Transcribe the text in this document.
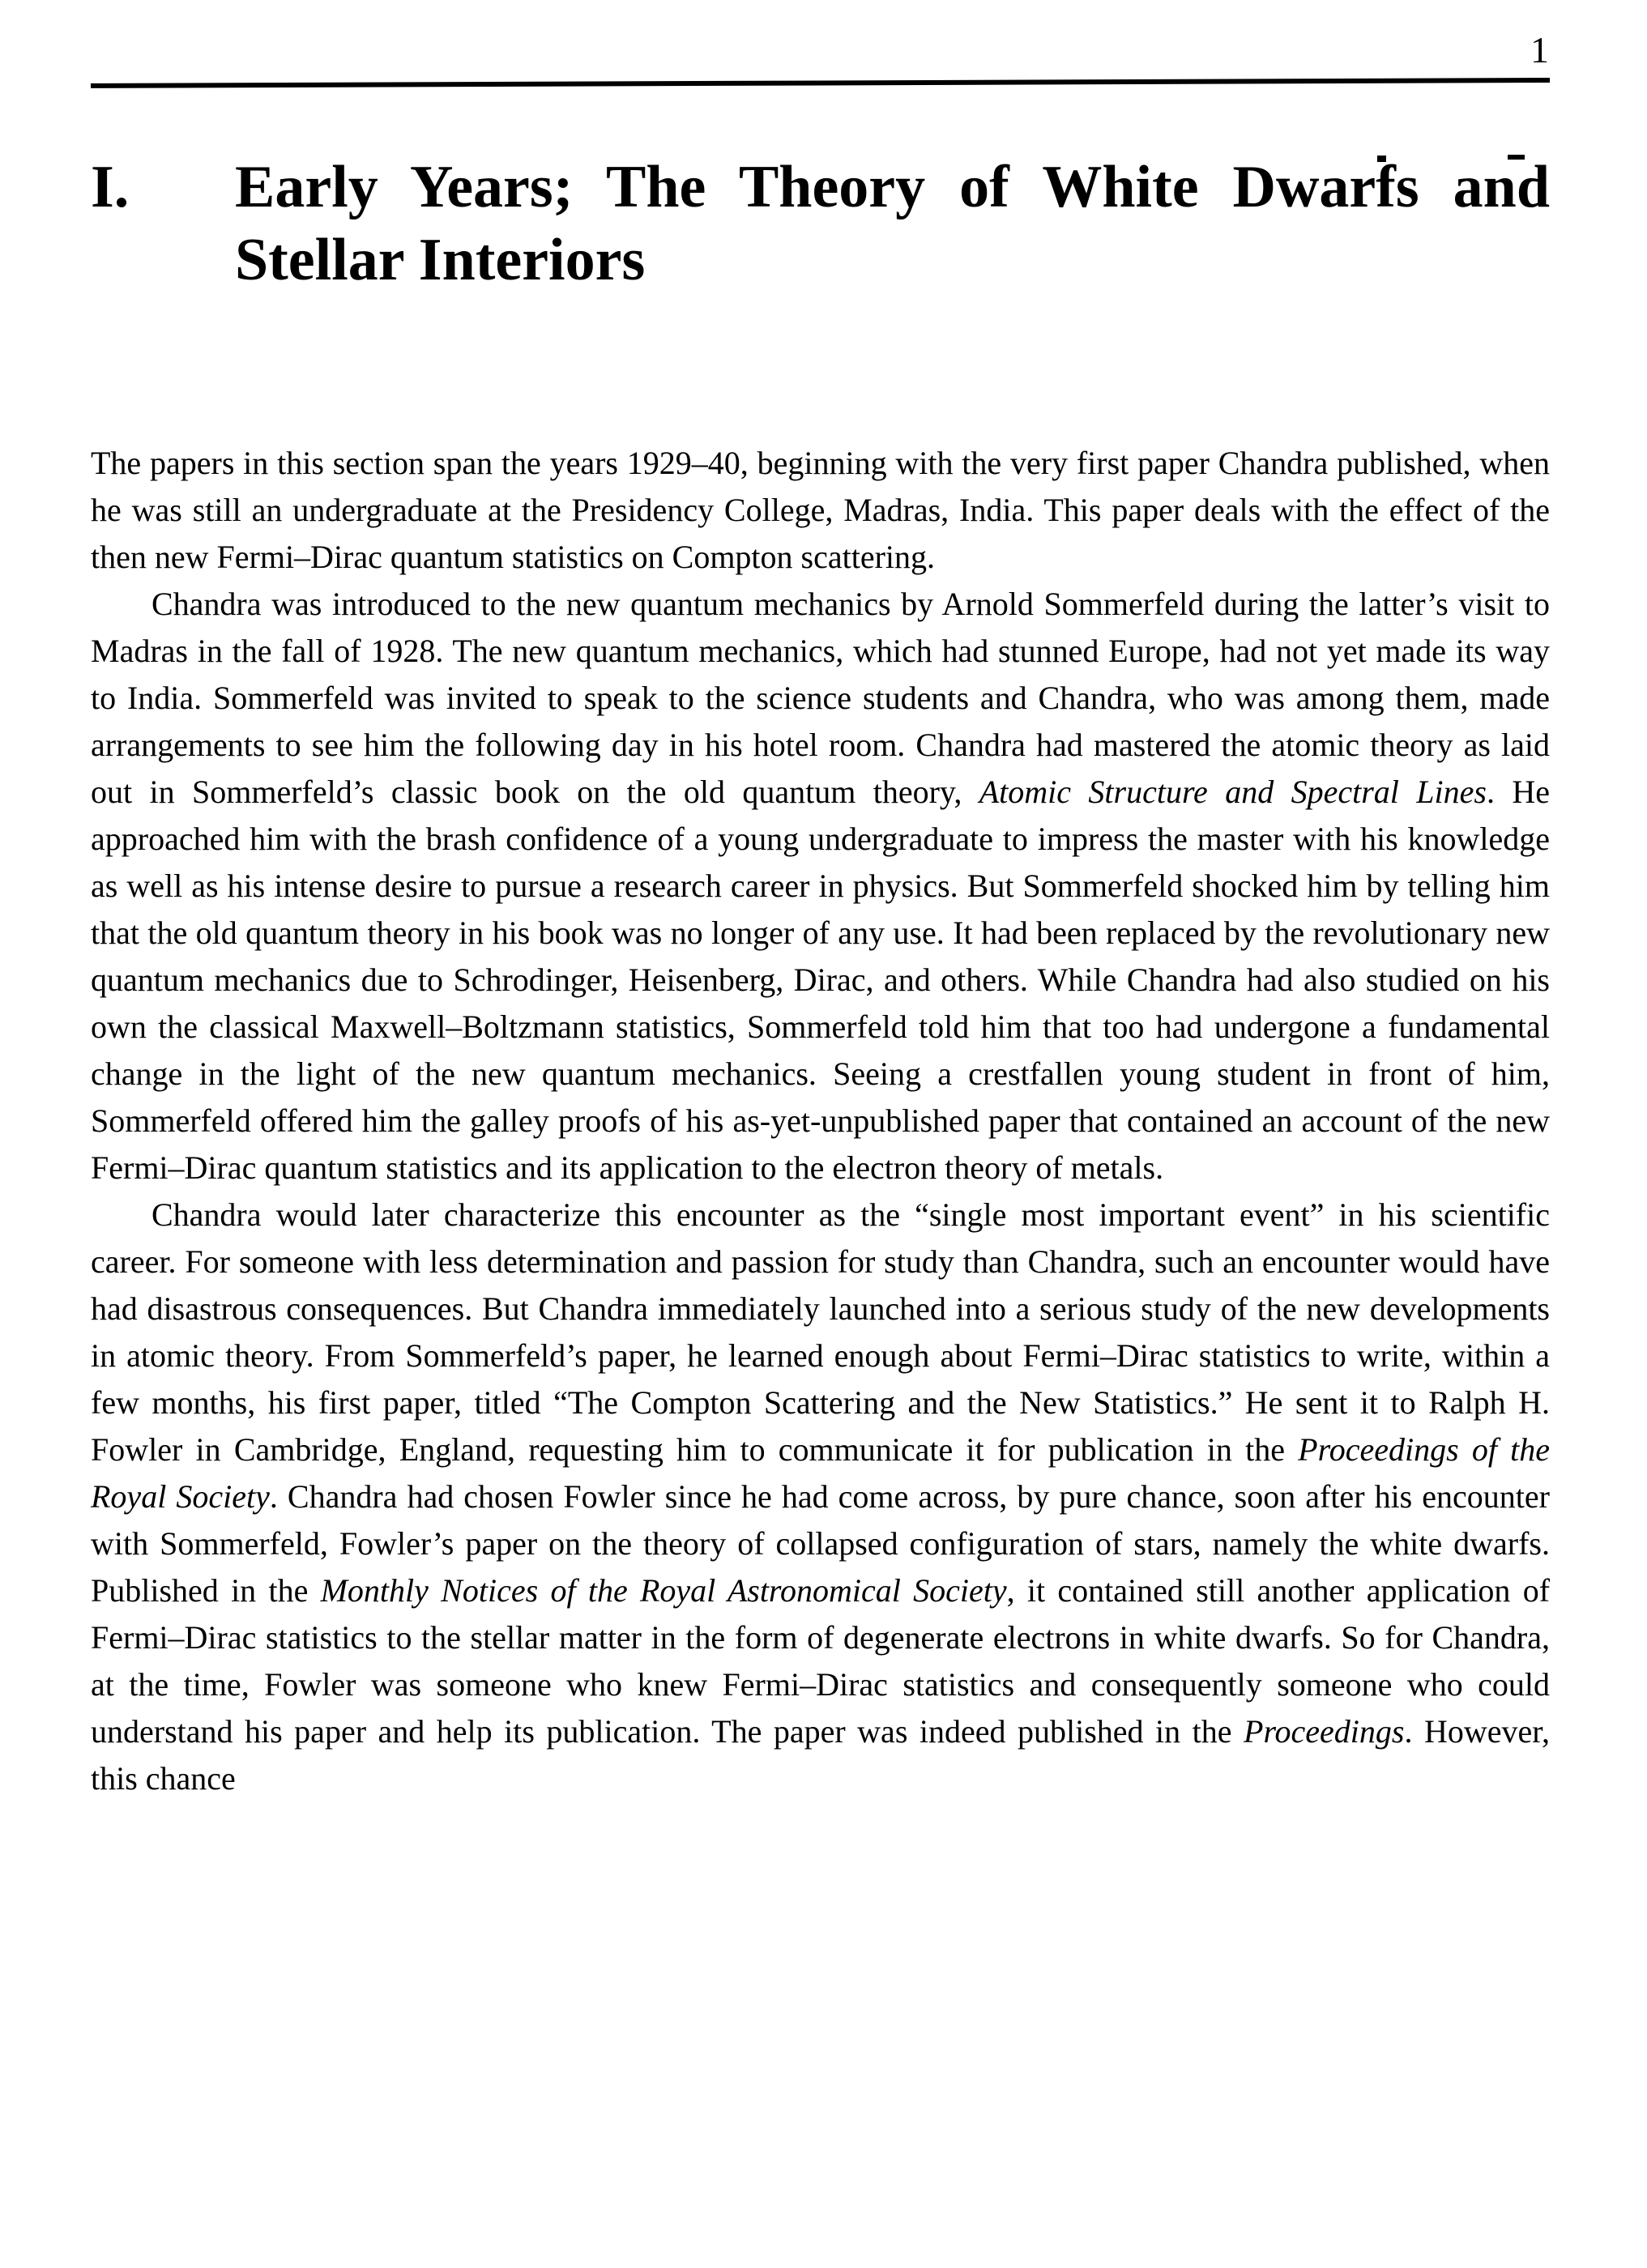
1
I. Early Years; The Theory of White Dwarfs and
Stellar Interiors

The papers in this section span the years 1929–40, beginning with the very first paper Chandra published, when he was still an undergraduate at the Presidency College, Madras, India. This paper deals with the effect of the then new Fermi–Dirac quantum statistics on Compton scattering.

Chandra was introduced to the new quantum mechanics by Arnold Sommerfeld during the latter’s visit to Madras in the fall of 1928. The new quantum mechanics, which had stunned Europe, had not yet made its way to India. Sommerfeld was invited to speak to the science students and Chandra, who was among them, made arrangements to see him the following day in his hotel room. Chandra had mastered the atomic theory as laid out in Sommerfeld’s classic book on the old quantum theory, Atomic Structure and Spectral Lines. He approached him with the brash confidence of a young undergraduate to impress the master with his knowledge as well as his intense desire to pursue a research career in physics. But Sommerfeld shocked him by telling him that the old quantum theory in his book was no longer of any use. It had been replaced by the revolutionary new quantum mechanics due to Schrodinger, Heisenberg, Dirac, and others. While Chandra had also studied on his own the classical Maxwell–Boltzmann statistics, Sommerfeld told him that too had undergone a fundamental change in the light of the new quantum mechanics. Seeing a crestfallen young student in front of him, Sommerfeld offered him the galley proofs of his as-yet-unpublished paper that contained an account of the new Fermi–Dirac quantum statistics and its application to the electron theory of metals.

Chandra would later characterize this encounter as the “single most important event” in his scientific career. For someone with less determination and passion for study than Chandra, such an encounter would have had disastrous consequences. But Chandra immediately launched into a serious study of the new developments in atomic theory. From Sommerfeld’s paper, he learned enough about Fermi–Dirac statistics to write, within a few months, his first paper, titled “The Compton Scattering and the New Statistics.” He sent it to Ralph H. Fowler in Cambridge, England, requesting him to communicate it for publication in the Proceedings of the Royal Society. Chandra had chosen Fowler since he had come across, by pure chance, soon after his encounter with Sommerfeld, Fowler’s paper on the theory of collapsed configuration of stars, namely the white dwarfs. Published in the Monthly Notices of the Royal Astronomical Society, it contained still another application of Fermi–Dirac statistics to the stellar matter in the form of degenerate electrons in white dwarfs. So for Chandra, at the time, Fowler was someone who knew Fermi–Dirac statistics and consequently someone who could understand his paper and help its publication. The paper was indeed published in the Proceedings. However, this chance
